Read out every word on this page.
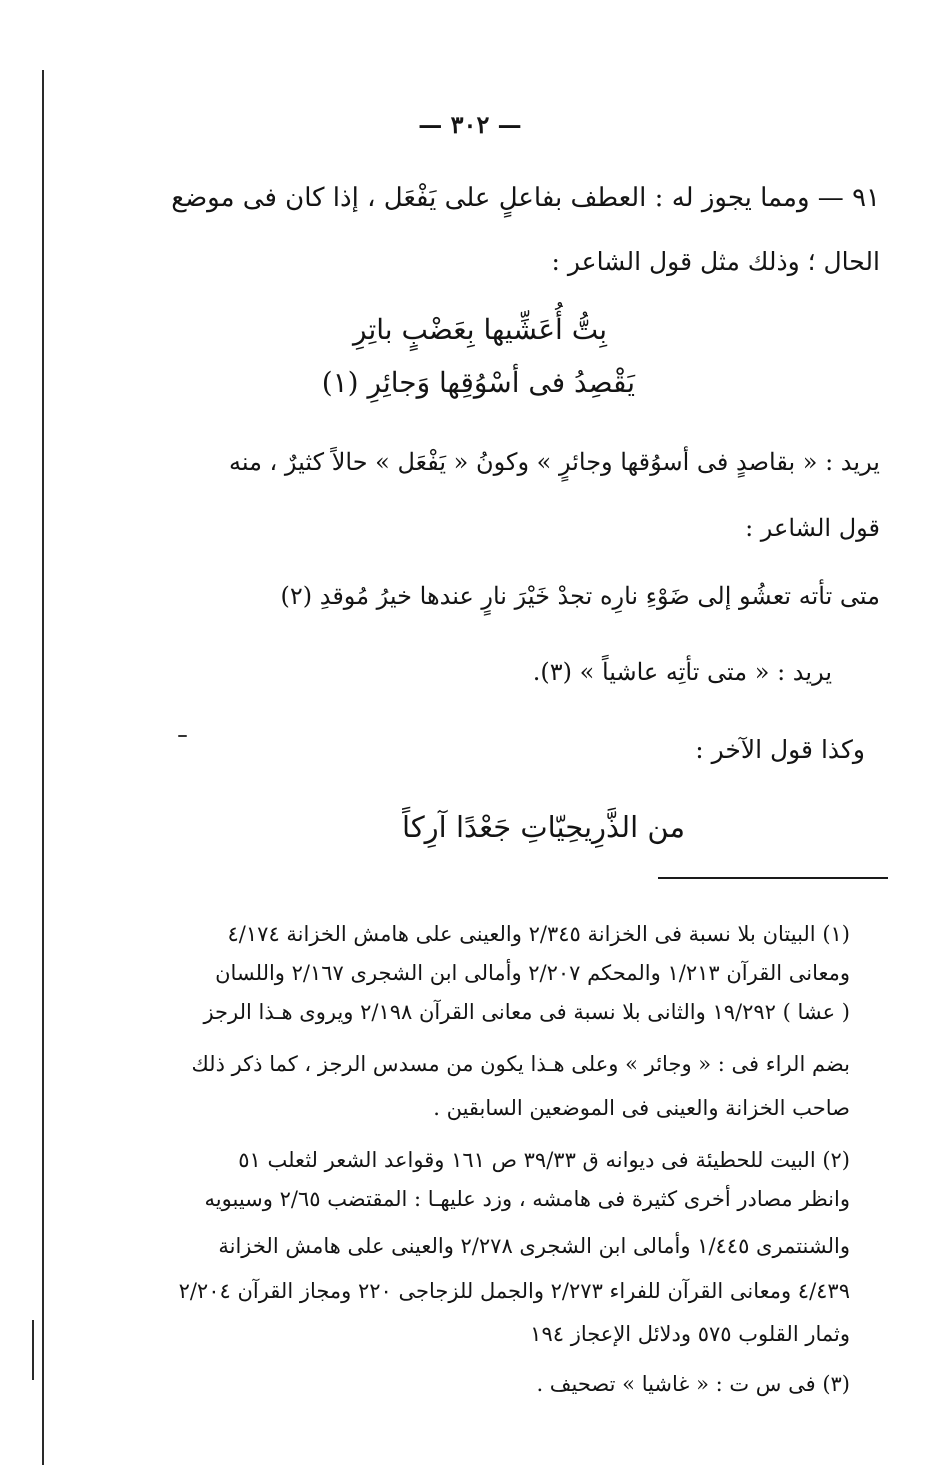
— ٣٠٢ —
٩١ — ومما يجوز له : العطف بفاعلٍ على يَفْعَل ، إذا كان فى موضع
الحال ؛ وذلك مثل قول الشاعر :
بِتُّ أُعَشِّيها بِعَضْبٍ باتِرِ
يَقْصِدُ فى أسْوُقِها وَجائِرِ (١)
يريد : « بقاصدٍ فى أسوُقها وجائرٍ » وكونُ « يَفْعَل » حالاً كثيرٌ ، منه
قول الشاعر :
متى تأته تعشُو إلى ضَوْءِ نارِه تجدْ خَيْرَ نارٍ عندها خيرُ مُوقدِ (٢)
يريد : « متى تأتِه عاشياً » (٣).
وكذا قول الآخر :
من الذَّرِيحِيّاتِ جَعْدًا آرِكاً
(١) البيتان بلا نسبة فى الخزانة ٢/٣٤٥ والعينى على هامش الخزانة ٤/١٧٤
ومعانى القرآن ١/٢١٣ والمحكم ٢/٢٠٧ وأمالى ابن الشجرى ٢/١٦٧ واللسان
( عشا ) ١٩/٢٩٢ والثانى بلا نسبة فى معانى القرآن ٢/١٩٨ ويروى هـذا الرجز
بضم الراء فى : « وجائر » وعلى هـذا يكون من مسدس الرجز ، كما ذكر ذلك
صاحب الخزانة والعينى فى الموضعين السابقين .
(٢) البيت للحطيئة فى ديوانه ق ٣٩/٣٣ ص ١٦١ وقواعد الشعر لثعلب ٥١
وانظر مصادر أخرى كثيرة فى هامشه ، وزد عليهـا : المقتضب ٢/٦٥ وسيبويه
والشنتمرى ١/٤٤٥ وأمالى ابن الشجرى ٢/٢٧٨ والعينى على هامش الخزانة
٤/٤٣٩ ومعانى القرآن للفراء ٢/٢٧٣ والجمل للزجاجى ٢٢٠ ومجاز القرآن ٢/٢٠٤
وثمار القلوب ٥٧٥ ودلائل الإعجاز ١٩٤
(٣) فى س ت : « غاشيا » تصحيف .
